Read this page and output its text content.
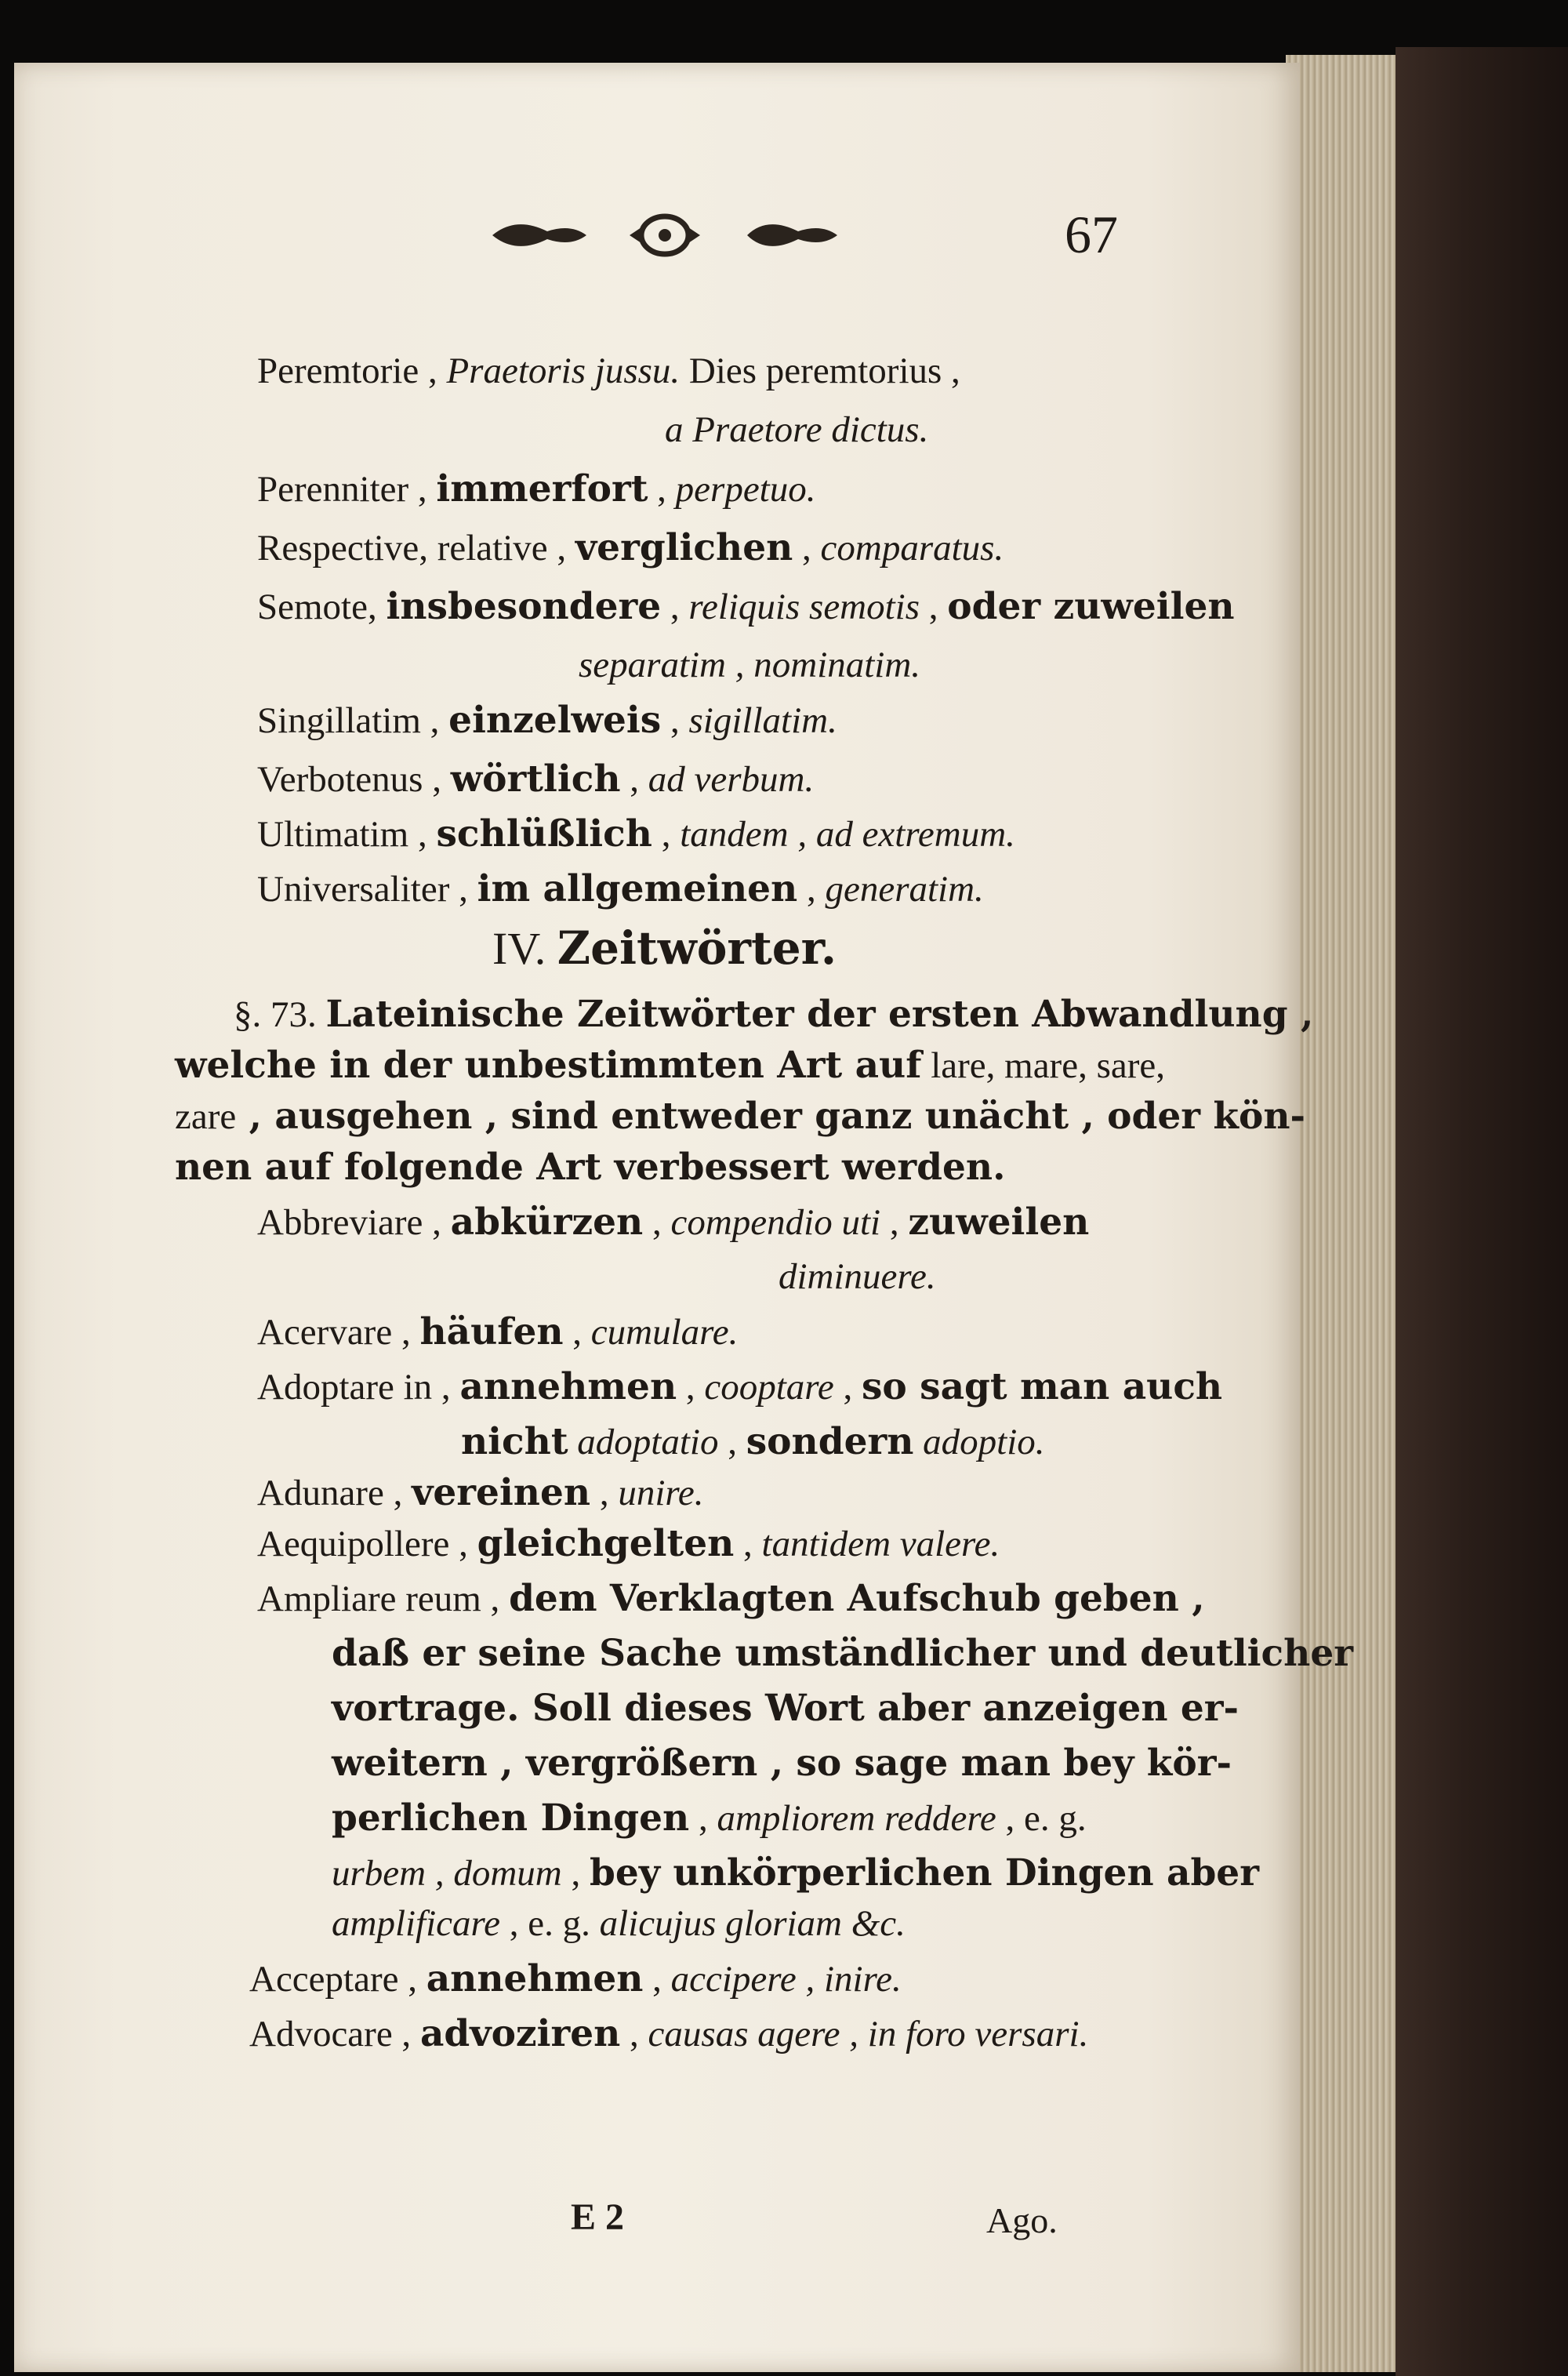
67
Peremtorie , Praetoris jussu. Dies peremtorius ,
a Praetore dictus.
Perenniter , immerfort , perpetuo.
Respective, relative , verglichen , comparatus.
Semote, insbesondere , reliquis semotis , oder zuweilen
separatim , nominatim.
Singillatim , einzelweis , sigillatim.
Verbotenus , wörtlich , ad verbum.
Ultimatim , schlüßlich , tandem , ad extremum.
Universaliter , im allgemeinen , generatim.
§. 73. Lateinische Zeitwörter der ersten Abwandlung ,
welche in der unbestimmten Art auf lare, mare, sare,
zare , ausgehen , sind entweder ganz unächt , oder kön-
nen auf folgende Art verbessert werden.
Abbreviare , abkürzen , compendio uti , zuweilen
diminuere.
Acervare , häufen , cumulare.
Adoptare in , annehmen , cooptare , so sagt man auch
nicht adoptatio , sondern adoptio.
Adunare , vereinen , unire.
Aequipollere , gleichgelten , tantidem valere.
Ampliare reum , dem Verklagten Aufschub geben ,
daß er seine Sache umständlicher und deutlicher
vortrage. Soll dieses Wort aber anzeigen er-
weitern , vergrößern , so sage man bey kör-
perlichen Dingen , ampliorem reddere , e. g.
urbem , domum , bey unkörperlichen Dingen aber
amplificare , e. g. alicujus gloriam &c.
Acceptare , annehmen , accipere , inire.
Advocare , advoziren , causas agere , in foro versari.
IV. Zeitwörter.
E 2	Ago.
